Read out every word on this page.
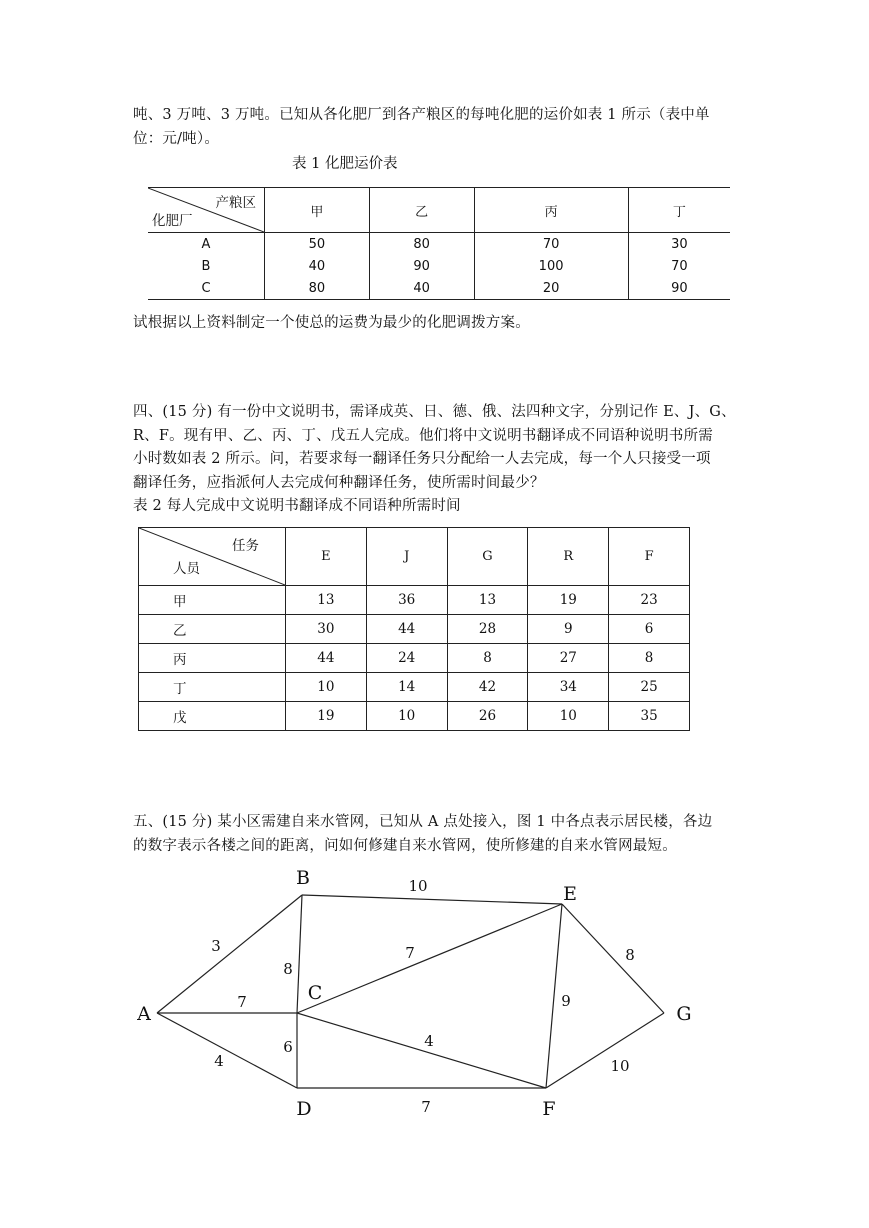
吨、3 万吨、3 万吨。已知从各化肥厂到各产粮区的每吨化肥的运价如表 1 所示（表中单

位：元/吨）。

表 1 化肥运价表
产粮区
化肥厂	甲	乙	丙	丁
A	50	80	70	30
B	40	90	100	70
C	80	40	20	90

试根据以上资料制定一个使总的运费为最少的化肥调拨方案。

四、(15 分) 有一份中文说明书，需译成英、日、德、俄、法四种文字，分别记作 E、J、G、

R、F。现有甲、乙、丙、丁、戊五人完成。他们将中文说明书翻译成不同语种说明书所需

小时数如表 2 所示。问，若要求每一翻译任务只分配给一人去完成，每一个人只接受一项

翻译任务，应指派何人去完成何种翻译任务，使所需时间最少？

表 2 每人完成中文说明书翻译成不同语种所需时间

任务
人员	E	J	G	R	F
甲	13	36	13	19	23
乙	30	44	28	9	6
丙	44	24	8	27	8
丁	10	14	42	34	25
戊	19	10	26	10	35

五、(15 分) 某小区需建自来水管网，已知从 A 点处接入，图 1 中各点表示居民楼，各边

的数字表示各楼之间的距离，问如何修建自来水管网，使所修建的自来水管网最短。

3
7
4
8
10
6
7
4
7
9
8
10
A
B
C
D
E
F
G
